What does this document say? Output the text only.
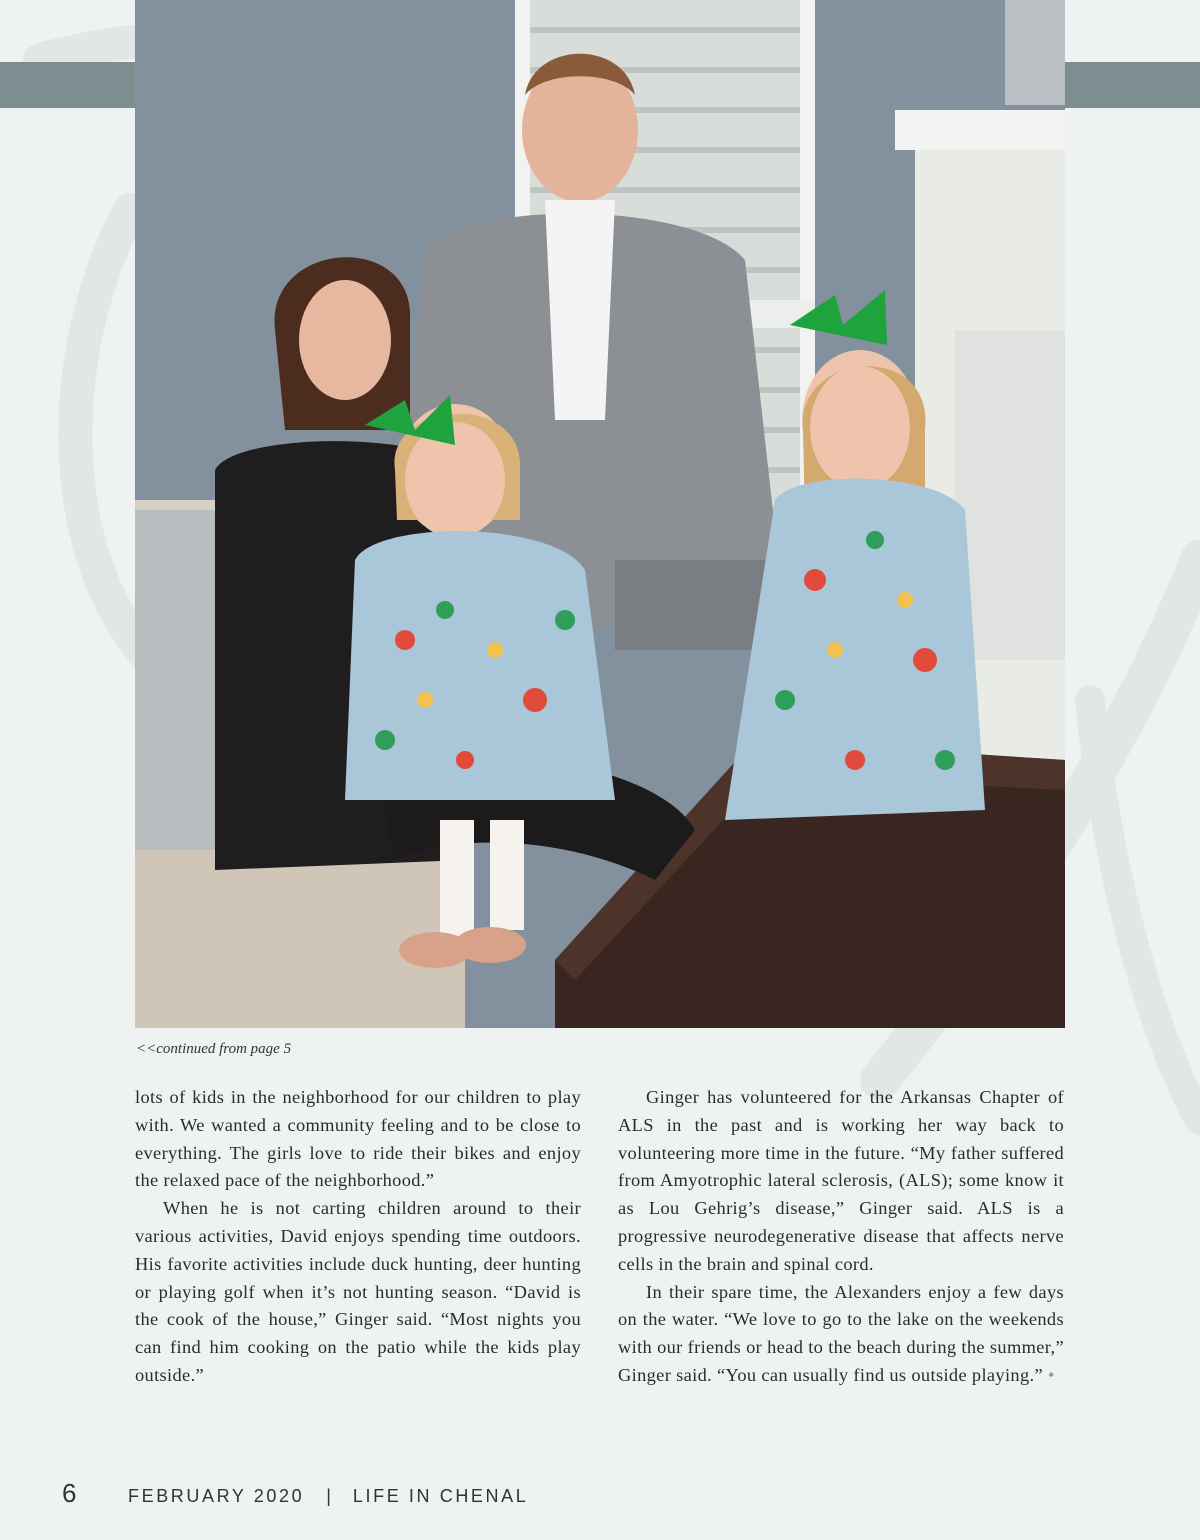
<<continued from page 5

lots of kids in the neighborhood for our children to play with. We wanted a community feeling and to be close to everything. The girls love to ride their bikes and enjoy the relaxed pace of the neighborhood.”

When he is not carting children around to their various activities, David enjoys spending time outdoors. His favorite activities include duck hunting, deer hunting or playing golf when it’s not hunting season. “David is the cook of the house,” Ginger said. “Most nights you can find him cooking on the patio while the kids play outside.”

Ginger has volunteered for the Arkansas Chapter of ALS in the past and is working her way back to volunteering more time in the future. “My father suffered from Amyotrophic lateral sclerosis, (ALS); some know it as Lou Gehrig’s disease,” Ginger said. ALS is a progressive neurodegenerative disease that affects nerve cells in the brain and spinal cord.

In their spare time, the Alexanders enjoy a few days on the water. “We love to go to the lake on the weekends with our friends or head to the beach during the summer,” Ginger said. “You can usually find us outside playing.” •

6	FEBRUARY 2020 | LIFE IN CHENAL
